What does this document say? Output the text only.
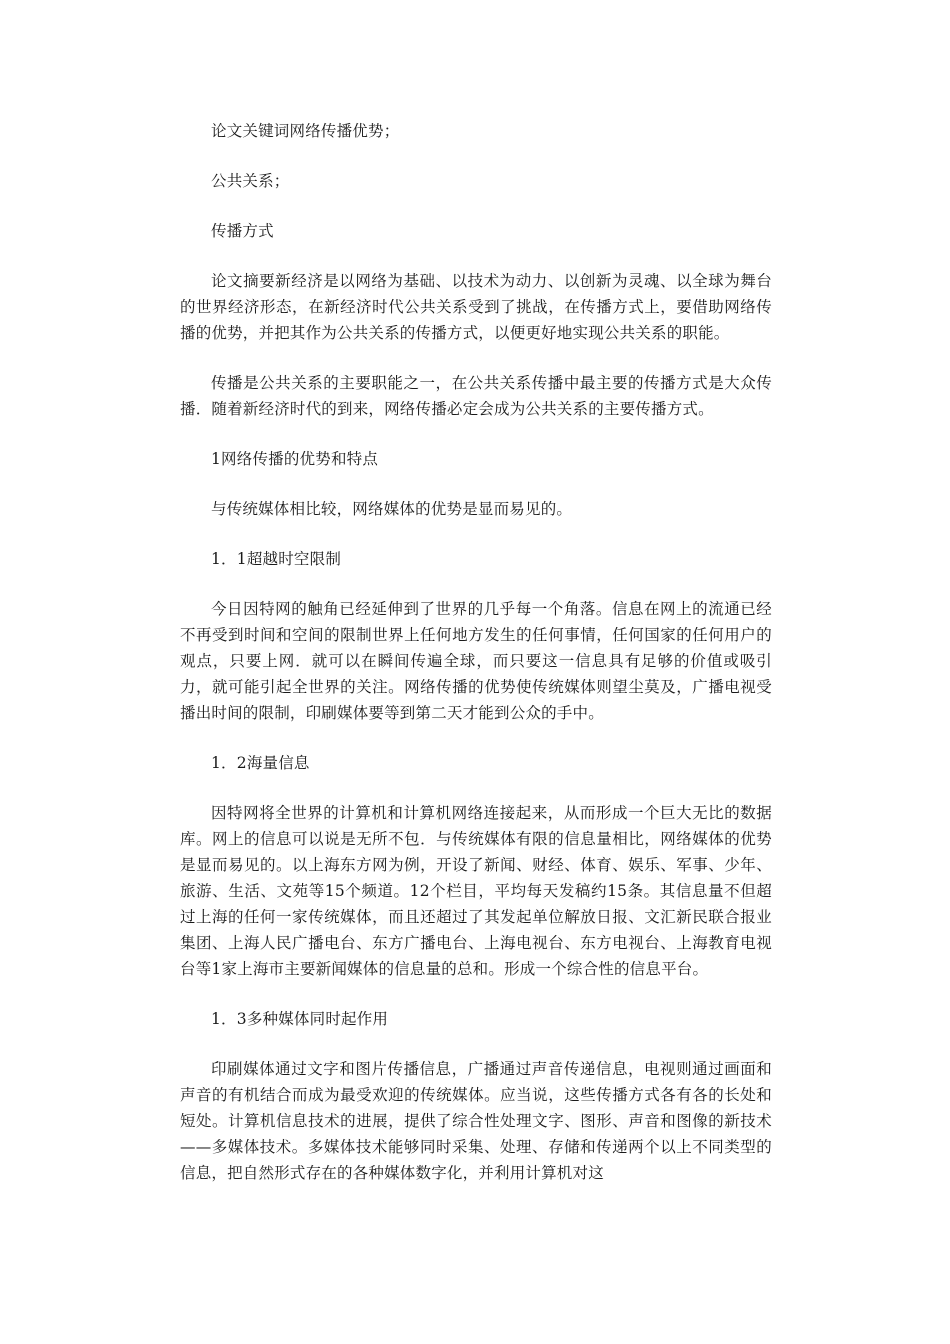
论文关键词网络传播优势；

公共关系；

传播方式

论文摘要新经济是以网络为基础、以技术为动力、以创新为灵魂、以全球为舞台的世界经济形态，在新经济时代公共关系受到了挑战，在传播方式上，要借助网络传播的优势，并把其作为公共关系的传播方式，以便更好地实现公共关系的职能。

传播是公共关系的主要职能之一，在公共关系传播中最主要的传播方式是大众传播．随着新经济时代的到来，网络传播必定会成为公共关系的主要传播方式。

1网络传播的优势和特点

与传统媒体相比较，网络媒体的优势是显而易见的。

1．1超越时空限制

今日因特网的触角已经延伸到了世界的几乎每一个角落。信息在网上的流通已经不再受到时间和空间的限制世界上任何地方发生的任何事情，任何国家的任何用户的观点，只要上网．就可以在瞬间传遍全球，而只要这一信息具有足够的价值或吸引力，就可能引起全世界的关注。网络传播的优势使传统媒体则望尘莫及，广播电视受播出时间的限制，印刷媒体要等到第二天才能到公众的手中。

1．2海量信息

因特网将全世界的计算机和计算机网络连接起来，从而形成一个巨大无比的数据库。网上的信息可以说是无所不包．与传统媒体有限的信息量相比，网络媒体的优势是显而易见的。以上海东方网为例，开设了新闻、财经、体育、娱乐、军事、少年、旅游、生活、文苑等15个频道。12个栏目，平均每天发稿约15条。其信息量不但超过上海的任何一家传统媒体，而且还超过了其发起单位解放日报、文汇新民联合报业集团、上海人民广播电台、东方广播电台、上海电视台、东方电视台、上海教育电视台等1家上海市主要新闻媒体的信息量的总和。形成一个综合性的信息平台。

1．3多种媒体同时起作用

印刷媒体通过文字和图片传播信息，广播通过声音传递信息，电视则通过画面和声音的有机结合而成为最受欢迎的传统媒体。应当说，这些传播方式各有各的长处和短处。计算机信息技术的进展，提供了综合性处理文字、图形、声音和图像的新技术——多媒体技术。多媒体技术能够同时采集、处理、存储和传递两个以上不同类型的信息，把自然形式存在的各种媒体数字化，并利用计算机对这
